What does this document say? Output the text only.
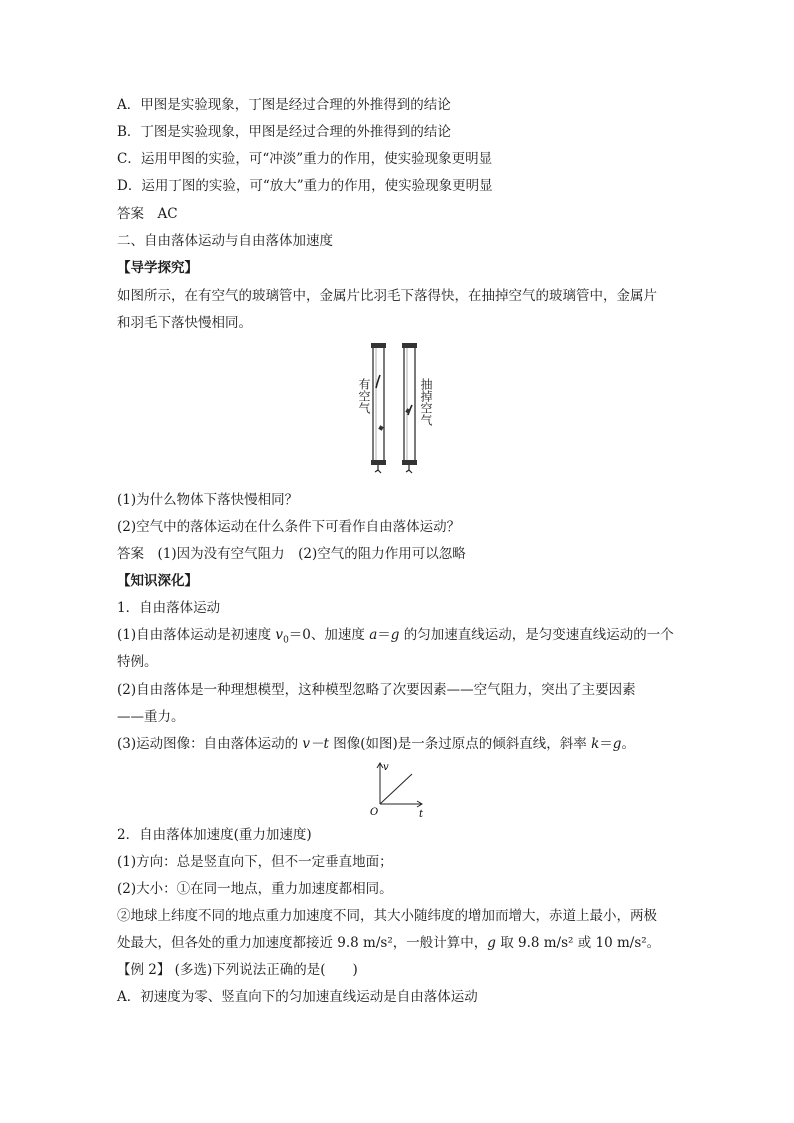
A．甲图是实验现象，丁图是经过合理的外推得到的结论
B．丁图是实验现象，甲图是经过合理的外推得到的结论
C．运用甲图的实验，可“冲淡”重力的作用，使实验现象更明显
D．运用丁图的实验，可“放大”重力的作用，使实验现象更明显
答案　AC
二、自由落体运动与自由落体加速度
【导学探究】
如图所示，在有空气的玻璃管中，金属片比羽毛下落得快，在抽掉空气的玻璃管中，金属片
和羽毛下落快慢相同。
有空气	抽掉空气
(1)为什么物体下落快慢相同？
(2)空气中的落体运动在什么条件下可看作自由落体运动？
答案　(1)因为没有空气阻力　(2)空气的阻力作用可以忽略
【知识深化】
1．自由落体运动
(1)自由落体运动是初速度 $v_0=0$、加速度 a＝g 的匀加速直线运动，是匀变速直线运动的一个
特例。
(2)自由落体是一种理想模型，这种模型忽略了次要因素——空气阻力，突出了主要因素
——重力。
(3)运动图像：自由落体运动的 v－t 图像(如图)是一条过原点的倾斜直线，斜率 k＝g。
v
t
O
2．自由落体加速度(重力加速度)
(1)方向：总是竖直向下，但不一定垂直地面；
(2)大小：①在同一地点，重力加速度都相同。
②地球上纬度不同的地点重力加速度不同，其大小随纬度的增加而增大，赤道上最小，两极
处最大，但各处的重力加速度都接近 9.8 m/s²，一般计算中，g 取 9.8 m/s² 或 10 m/s²。
【例 2】 (多选)下列说法正确的是(　　)
A．初速度为零、竖直向下的匀加速直线运动是自由落体运动
